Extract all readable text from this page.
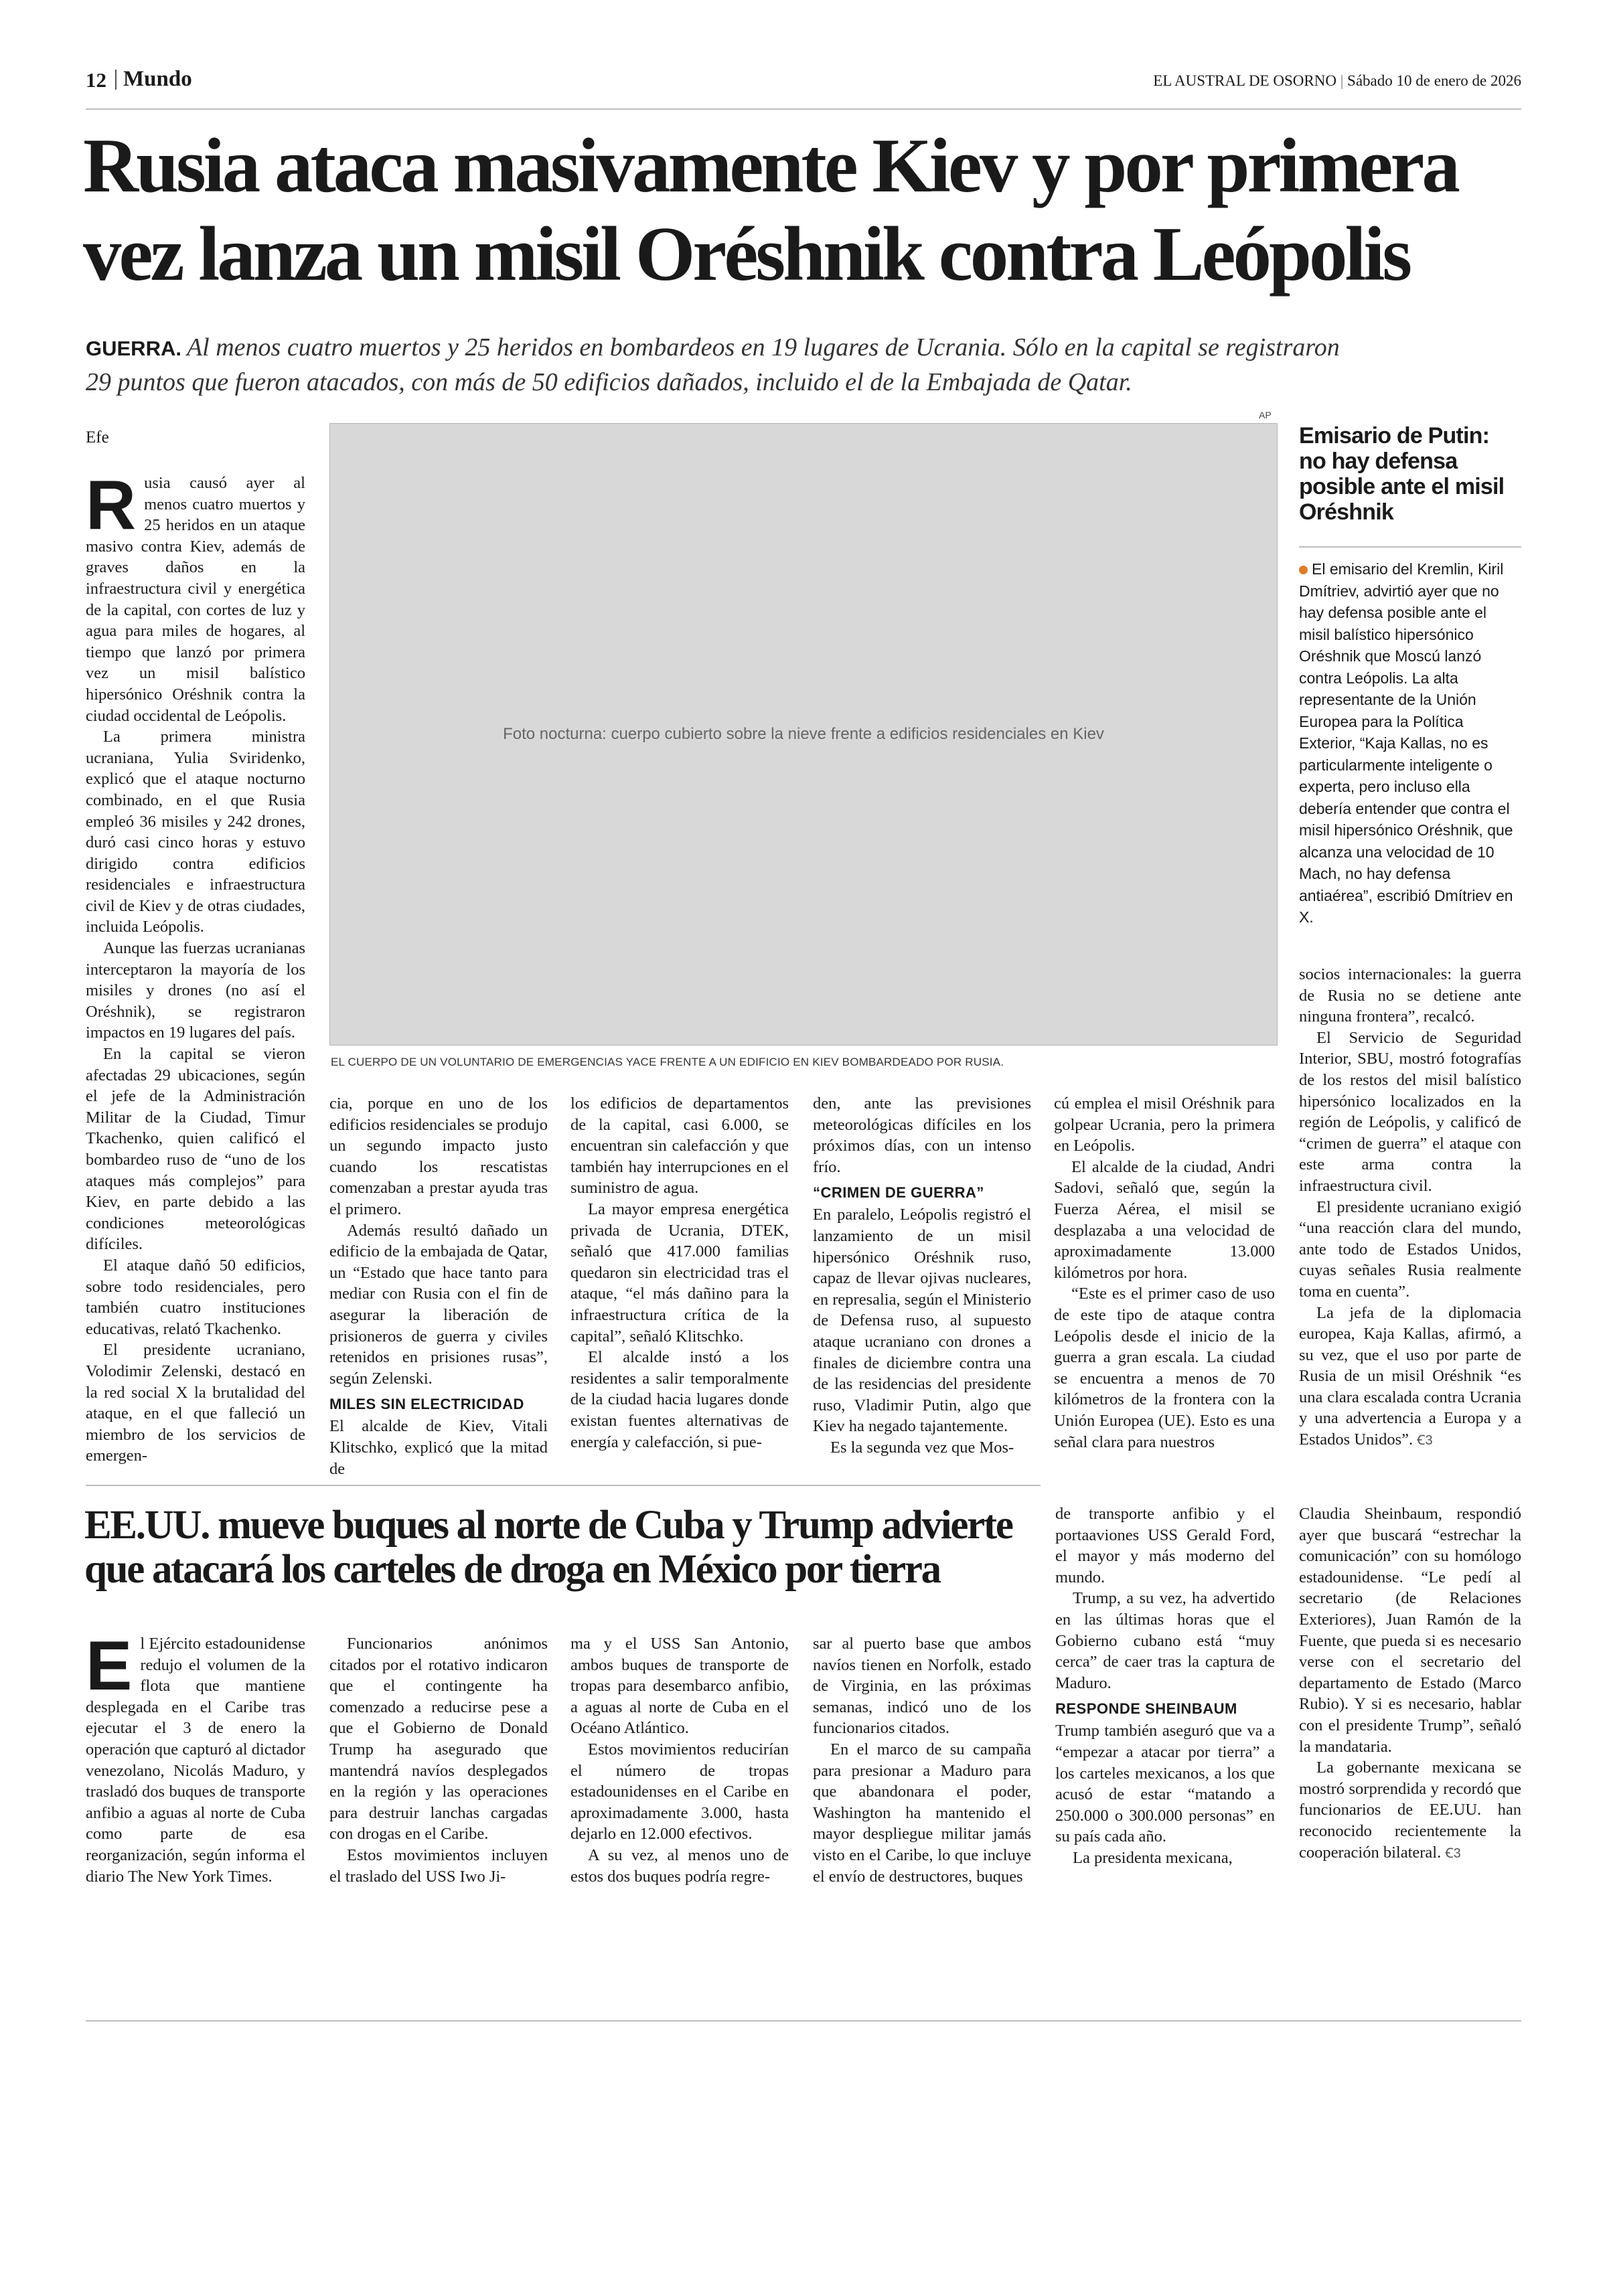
12 Mundo	EL AUSTRAL DE OSORNO | Sábado 10 de enero de 2026
Rusia ataca masivamente Kiev y por primera
vez lanza un misil Oréshnik contra Leópolis
GUERRA. Al menos cuatro muertos y 25 heridos en bombardeos en 19 lugares de Ucrania. Sólo en la capital se registraron
29 puntos que fueron atacados, con más de 50 edificios dañados, incluido el de la Embajada de Qatar.
Efe
AP
Foto nocturna: cuerpo cubierto sobre la nieve frente a edificios residenciales en Kiev
EL CUERPO DE UN VOLUNTARIO DE EMERGENCIAS YACE FRENTE A UN EDIFICIO EN KIEV BOMBARDEADO POR RUSIA.

Rusia causó ayer al menos cuatro muertos y 25 heridos en un ataque masivo contra Kiev, además de graves daños en la infraestructura civil y energética de la capital, con cortes de luz y agua para miles de hogares, al tiempo que lanzó por primera vez un misil balístico hipersónico Oréshnik contra la ciudad occidental de Leópolis.

La primera ministra ucraniana, Yulia Sviridenko, explicó que el ataque nocturno combinado, en el que Rusia empleó 36 misiles y 242 drones, duró casi cinco horas y estuvo dirigido contra edificios residenciales e infraestructura civil de Kiev y de otras ciudades, incluida Leópolis.

Aunque las fuerzas ucranianas interceptaron la mayoría de los misiles y drones (no así el Oréshnik), se registraron impactos en 19 lugares del país.

En la capital se vieron afectadas 29 ubicaciones, según el jefe de la Administración Militar de la Ciudad, Timur Tkachenko, quien calificó el bombardeo ruso de “uno de los ataques más complejos” para Kiev, en parte debido a las condiciones meteorológicas difíciles.

El ataque dañó 50 edificios, sobre todo residenciales, pero también cuatro instituciones educativas, relató Tkachenko.

El presidente ucraniano, Volodimir Zelenski, destacó en la red social X la brutalidad del ataque, en el que falleció un miembro de los servicios de emergen-

cia, porque en uno de los edificios residenciales se produjo un segundo impacto justo cuando los rescatistas comenzaban a prestar ayuda tras el primero.

Además resultó dañado un edificio de la embajada de Qatar, un “Estado que hace tanto para mediar con Rusia con el fin de asegurar la liberación de prisioneros de guerra y civiles retenidos en prisiones rusas”, según Zelenski.

MILES SIN ELECTRICIDAD

El alcalde de Kiev, Vitali Klitschko, explicó que la mitad de

los edificios de departamentos de la capital, casi 6.000, se encuentran sin calefacción y que también hay interrupciones en el suministro de agua.

La mayor empresa energética privada de Ucrania, DTEK, señaló que 417.000 familias quedaron sin electricidad tras el ataque, “el más dañino para la infraestructura crítica de la capital”, señaló Klitschko.

El alcalde instó a los residentes a salir temporalmente de la ciudad hacia lugares donde existan fuentes alternativas de energía y calefacción, si pue-

den, ante las previsiones meteorológicas difíciles en los próximos días, con un intenso frío.

“CRIMEN DE GUERRA”

En paralelo, Leópolis registró el lanzamiento de un misil hipersónico Oréshnik ruso, capaz de llevar ojivas nucleares, en represalia, según el Ministerio de Defensa ruso, al supuesto ataque ucraniano con drones a finales de diciembre contra una de las residencias del presidente ruso, Vladimir Putin, algo que Kiev ha negado tajantemente.

Es la segunda vez que Mos-

cú emplea el misil Oréshnik para golpear Ucrania, pero la primera en Leópolis.

El alcalde de la ciudad, Andri Sadovi, señaló que, según la Fuerza Aérea, el misil se desplazaba a una velocidad de aproximadamente 13.000 kilómetros por hora.

“Este es el primer caso de uso de este tipo de ataque contra Leópolis desde el inicio de la guerra a gran escala. La ciudad se encuentra a menos de 70 kilómetros de la frontera con la Unión Europea (UE). Esto es una señal clara para nuestros

Emisario de Putin: no hay defensa posible ante el misil Oréshnik
El emisario del Kremlin, Kiril Dmítriev, advirtió ayer que no hay defensa posible ante el misil balístico hipersónico Oréshnik que Moscú lanzó contra Leópolis. La alta representante de la Unión Europea para la Política Exterior, “Kaja Kallas, no es particularmente inteligente o experta, pero incluso ella debería entender que contra el misil hipersónico Oréshnik, que alcanza una velocidad de 10 Mach, no hay defensa antiaérea”, escribió Dmítriev en X.

socios internacionales: la guerra de Rusia no se detiene ante ninguna frontera”, recalcó.

El Servicio de Seguridad Interior, SBU, mostró fotografías de los restos del misil balístico hipersónico localizados en la región de Leópolis, y calificó de “crimen de guerra” el ataque con este arma contra la infraestructura civil.

El presidente ucraniano exigió “una reacción clara del mundo, ante todo de Estados Unidos, cuyas señales Rusia realmente toma en cuenta”.

La jefa de la diplomacia europea, Kaja Kallas, afirmó, a su vez, que el uso por parte de Rusia de un misil Oréshnik “es una clara escalada contra Ucrania y una advertencia a Europa y a Estados Unidos”. Ꞓ3

EE.UU. mueve buques al norte de Cuba y Trump advierte
que atacará los carteles de droga en México por tierra

El Ejército estadounidense redujo el volumen de la flota que mantiene desplegada en el Caribe tras ejecutar el 3 de enero la operación que capturó al dictador venezolano, Nicolás Maduro, y trasladó dos buques de transporte anfibio a aguas al norte de Cuba como parte de esa reorganización, según informa el diario The New York Times.

Funcionarios anónimos citados por el rotativo indicaron que el contingente ha comenzado a reducirse pese a que el Gobierno de Donald Trump ha asegurado que mantendrá navíos desplegados en la región y las operaciones para destruir lanchas cargadas con drogas en el Caribe.

Estos movimientos incluyen el traslado del USS Iwo Ji-

ma y el USS San Antonio, ambos buques de transporte de tropas para desembarco anfibio, a aguas al norte de Cuba en el Océano Atlántico.

Estos movimientos reducirían el número de tropas estadounidenses en el Caribe en aproximadamente 3.000, hasta dejarlo en 12.000 efectivos.

A su vez, al menos uno de estos dos buques podría regre-

sar al puerto base que ambos navíos tienen en Norfolk, estado de Virginia, en las próximas semanas, indicó uno de los funcionarios citados.

En el marco de su campaña para presionar a Maduro para que abandonara el poder, Washington ha mantenido el mayor despliegue militar jamás visto en el Caribe, lo que incluye el envío de destructores, buques

de transporte anfibio y el portaaviones USS Gerald Ford, el mayor y más moderno del mundo.

Trump, a su vez, ha advertido en las últimas horas que el Gobierno cubano está “muy cerca” de caer tras la captura de Maduro.

RESPONDE SHEINBAUM

Trump también aseguró que va a “empezar a atacar por tierra” a los carteles mexicanos, a los que acusó de estar “matando a 250.000 o 300.000 personas” en su país cada año.

La presidenta mexicana,

Claudia Sheinbaum, respondió ayer que buscará “estrechar la comunicación” con su homólogo estadounidense. “Le pedí al secretario (de Relaciones Exteriores), Juan Ramón de la Fuente, que pueda si es necesario verse con el secretario del departamento de Estado (Marco Rubio). Y si es necesario, hablar con el presidente Trump”, señaló la mandataria.

La gobernante mexicana se mostró sorprendida y recordó que funcionarios de EE.UU. han reconocido recientemente la cooperación bilateral. Ꞓ3
